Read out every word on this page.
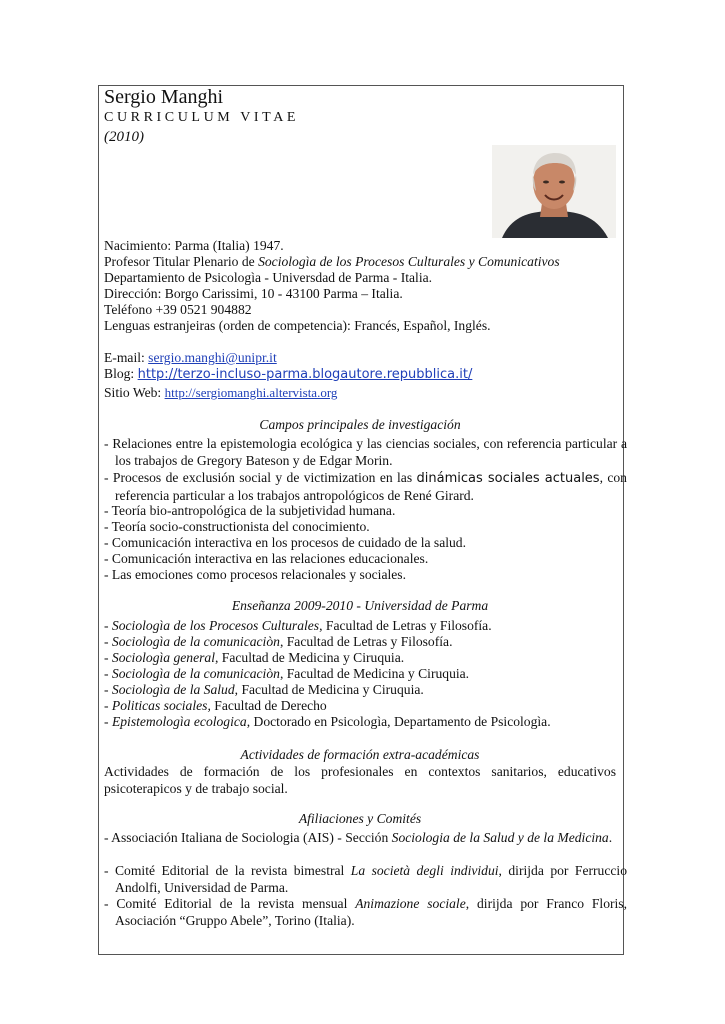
Sergio Manghi
CURRICULUM VITAE
(2010)
Nacimiento: Parma (Italia) 1947.
Profesor Titular Plenario de Sociologìa de los Procesos Culturales y Comunicativos
Departamiento de Psicologìa - Universdad de Parma - Italia.
Dirección: Borgo Carissimi, 10 - 43100 Parma – Italia.
Teléfono +39 0521 904882
Lenguas estranjeiras (orden de competencia): Francés, Español, Inglés.
E-mail: sergio.manghi@unipr.it
Blog: http://terzo-incluso-parma.blogautore.repubblica.it/
Sitio Web: http://sergiomanghi.altervista.org
Campos principales de investigación
- Relaciones entre la epistemologia ecológica y las ciencias sociales, con referencia particular a los trabajos de Gregory Bateson y de Edgar Morin.
- Procesos de exclusión social y de victimization en las dinámicas sociales actuales, con referencia particular a los trabajos antropológicos de René Girard.
- Teoría bio-antropológica de la subjetividad humana.
- Teoría socio-constructionista del conocimiento.
- Comunicación interactiva en los procesos de cuidado de la salud.
- Comunicación interactiva en las relaciones educacionales.
- Las emociones como procesos relacionales y sociales.
Enseñanza 2009-2010 - Universidad de Parma
- Sociologìa de los Procesos Culturales, Facultad de Letras y Filosofía.
- Sociologìa de la comunicaciòn, Facultad de Letras y Filosofía.
- Sociologìa general, Facultad de Medicina y Ciruquia.
- Sociologìa de la comunicaciòn, Facultad de Medicina y Ciruquia.
- Sociologìa de la Salud, Facultad de Medicina y Ciruquia.
- Politicas sociales, Facultad de Derecho
- Epistemologìa ecologica, Doctorado en Psicologìa, Departamento de Psicologìa.
Actividades de formación extra-académicas
Actividades de formación de los profesionales en contextos sanitarios, educativos psicoterapicos y de trabajo social.
Afiliaciones y Comités
- Associación Italiana de Sociologia (AIS) - Sección Sociologia de la Salud y de la Medicina.
- Comité Editorial de la revista bimestral La società degli individui, dirijda por Ferruccio Andolfi, Universidad de Parma.
- Comité Editorial de la revista mensual Animazione sociale, dirijda por Franco Floris, Asociación “Gruppo Abele”, Torino (Italia).
